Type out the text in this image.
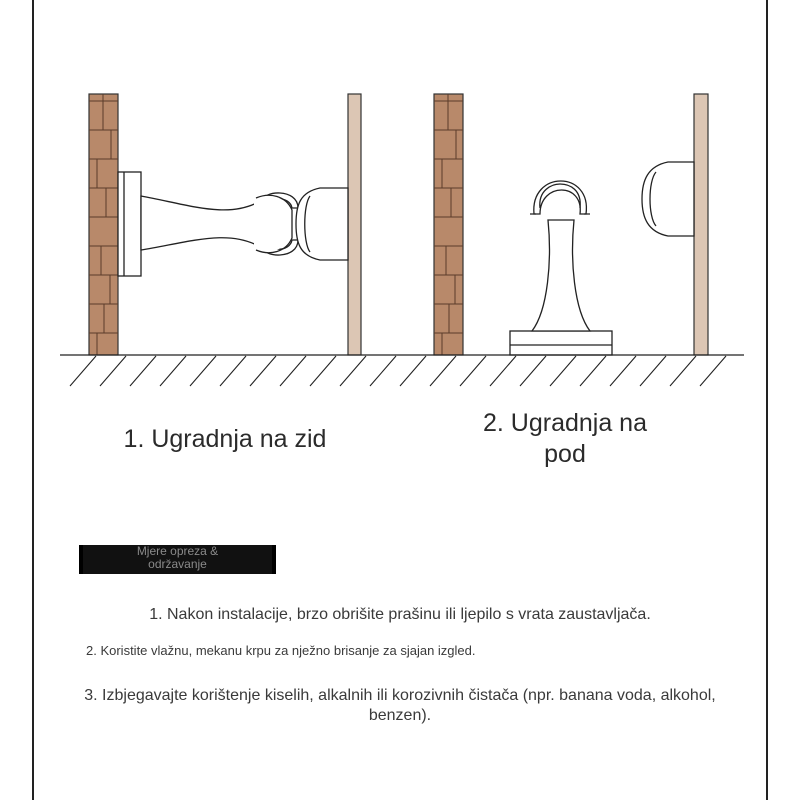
1. Ugradnja na zid
2. Ugradnja na
pod
Mjere opreza &
održavanje
1. Nakon instalacije, brzo obrišite prašinu ili ljepilo s vrata zaustavljača.
2. Koristite vlažnu, mekanu krpu za nježno brisanje za sjajan izgled.
3. Izbjegavajte korištenje kiselih, alkalnih ili korozivnih čistača (npr. banana voda, alkohol, benzen).
